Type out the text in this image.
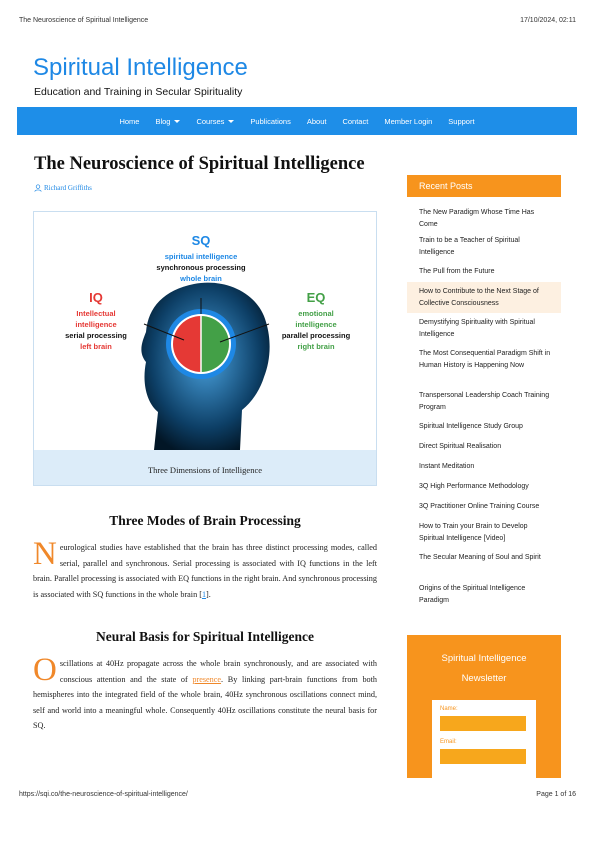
The Neuroscience of Spiritual Intelligence	17/10/2024, 02:11
Spiritual Intelligence
Education and Training in Secular Spirituality
Home Blog	Courses	Publications About Contact Member Login Support
The Neuroscience of Spiritual Intelligence
Richard Griffiths
SQ
spiritual intelligence
synchronous processing
whole brain
IQ
Intellectual
intelligence
serial processing
left brain
EQ
emotional
intelligence
parallel processing
right brain
Three Dimensions of Intelligence
Three Modes of Brain Processing
Neurological studies have established that the brain has three distinct processing modes, called serial, parallel and synchronous. Serial processing is associated with IQ functions in the left brain. Parallel processing is associated with EQ functions in the right brain. And synchronous processing is associated with SQ functions in the whole brain [1].
Neural Basis for Spiritual Intelligence
Oscillations at 40Hz propagate across the whole brain synchronously, and are associated with conscious attention and the state of presence. By linking part-brain functions from both hemispheres into the integrated field of the whole brain, 40Hz synchronous oscillations connect mind, self and world into a meaningful whole. Consequently 40Hz oscillations constitute the neural basis for SQ.
Recent Posts
The New Paradigm Whose Time Has Come
Train to be a Teacher of Spiritual Intelligence
The Pull from the Future
How to Contribute to the Next Stage of Collective Consciousness
Demystifying Spirituality with Spiritual Intelligence
The Most Consequential Paradigm Shift in Human History is Happening Now
Transpersonal Leadership Coach Training Program
Spiritual Intelligence Study Group
Direct Spiritual Realisation
Instant Meditation
3Q High Performance Methodology
3Q Practitioner Online Training Course
How to Train your Brain to Develop Spiritual Intelligence [Video]
The Secular Meaning of Soul and Spirit
Origins of the Spiritual Intelligence Paradigm
Spiritual Intelligence
Newsletter
Name:
Email:
https://sqi.co/the-neuroscience-of-spiritual-intelligence/	Page 1 of 16
